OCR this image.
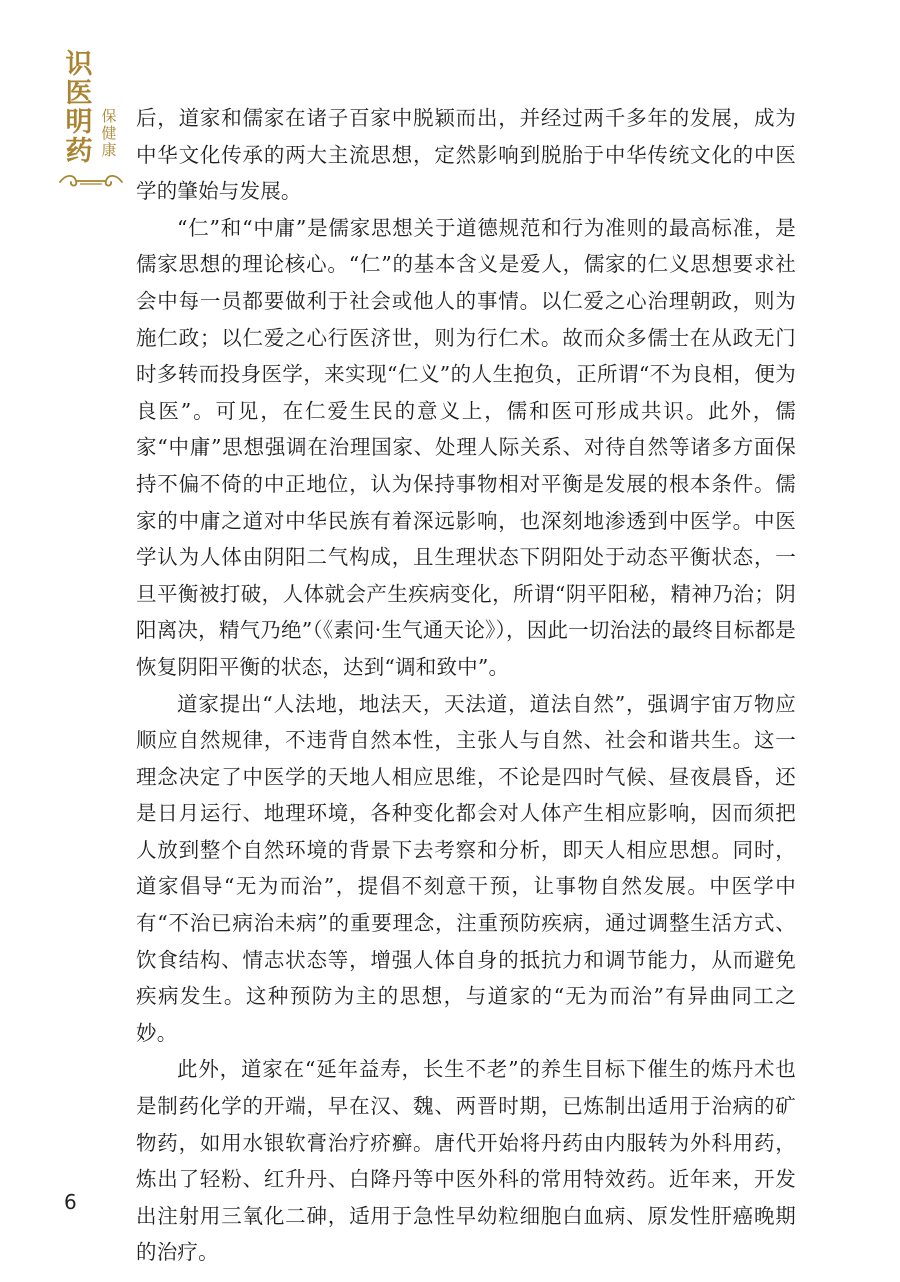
识
医
明
药
保
健
康

后，道家和儒家在诸子百家中脱颖而出，并经过两千多年的发展，成为中华文化传承的两大主流思想，定然影响到脱胎于中华传统文化的中医学的肇始与发展。

“仁”和“中庸”是儒家思想关于道德规范和行为准则的最高标准，是儒家思想的理论核心。“仁”的基本含义是爱人，儒家的仁义思想要求社会中每一员都要做利于社会或他人的事情。以仁爱之心治理朝政，则为施仁政；以仁爱之心行医济世，则为行仁术。故而众多儒士在从政无门时多转而投身医学，来实现“仁义”的人生抱负，正所谓“不为良相，便为良医”。可见，在仁爱生民的意义上，儒和医可形成共识。此外，儒家“中庸”思想强调在治理国家、处理人际关系、对待自然等诸多方面保持不偏不倚的中正地位，认为保持事物相对平衡是发展的根本条件。儒家的中庸之道对中华民族有着深远影响，也深刻地渗透到中医学。中医学认为人体由阴阳二气构成，且生理状态下阴阳处于动态平衡状态，一旦平衡被打破，人体就会产生疾病变化，所谓“阴平阳秘，精神乃治；阴阳离决，精气乃绝”（《素问·生气通天论》），因此一切治法的最终目标都是恢复阴阳平衡的状态，达到“调和致中”。

道家提出“人法地，地法天，天法道，道法自然”，强调宇宙万物应顺应自然规律，不违背自然本性，主张人与自然、社会和谐共生。这一理念决定了中医学的天地人相应思维，不论是四时气候、昼夜晨昏，还是日月运行、地理环境，各种变化都会对人体产生相应影响，因而须把人放到整个自然环境的背景下去考察和分析，即天人相应思想。同时，道家倡导“无为而治”，提倡不刻意干预，让事物自然发展。中医学中有“不治已病治未病”的重要理念，注重预防疾病，通过调整生活方式、饮食结构、情志状态等，增强人体自身的抵抗力和调节能力，从而避免疾病发生。这种预防为主的思想，与道家的“无为而治”有异曲同工之妙。

此外，道家在“延年益寿，长生不老”的养生目标下催生的炼丹术也是制药化学的开端，早在汉、魏、两晋时期，已炼制出适用于治病的矿物药，如用水银软膏治疗疥癣。唐代开始将丹药由内服转为外科用药，炼出了轻粉、红升丹、白降丹等中医外科的常用特效药。近年来，开发出注射用三氧化二砷，适用于急性早幼粒细胞白血病、原发性肝癌晚期的治疗。

6
